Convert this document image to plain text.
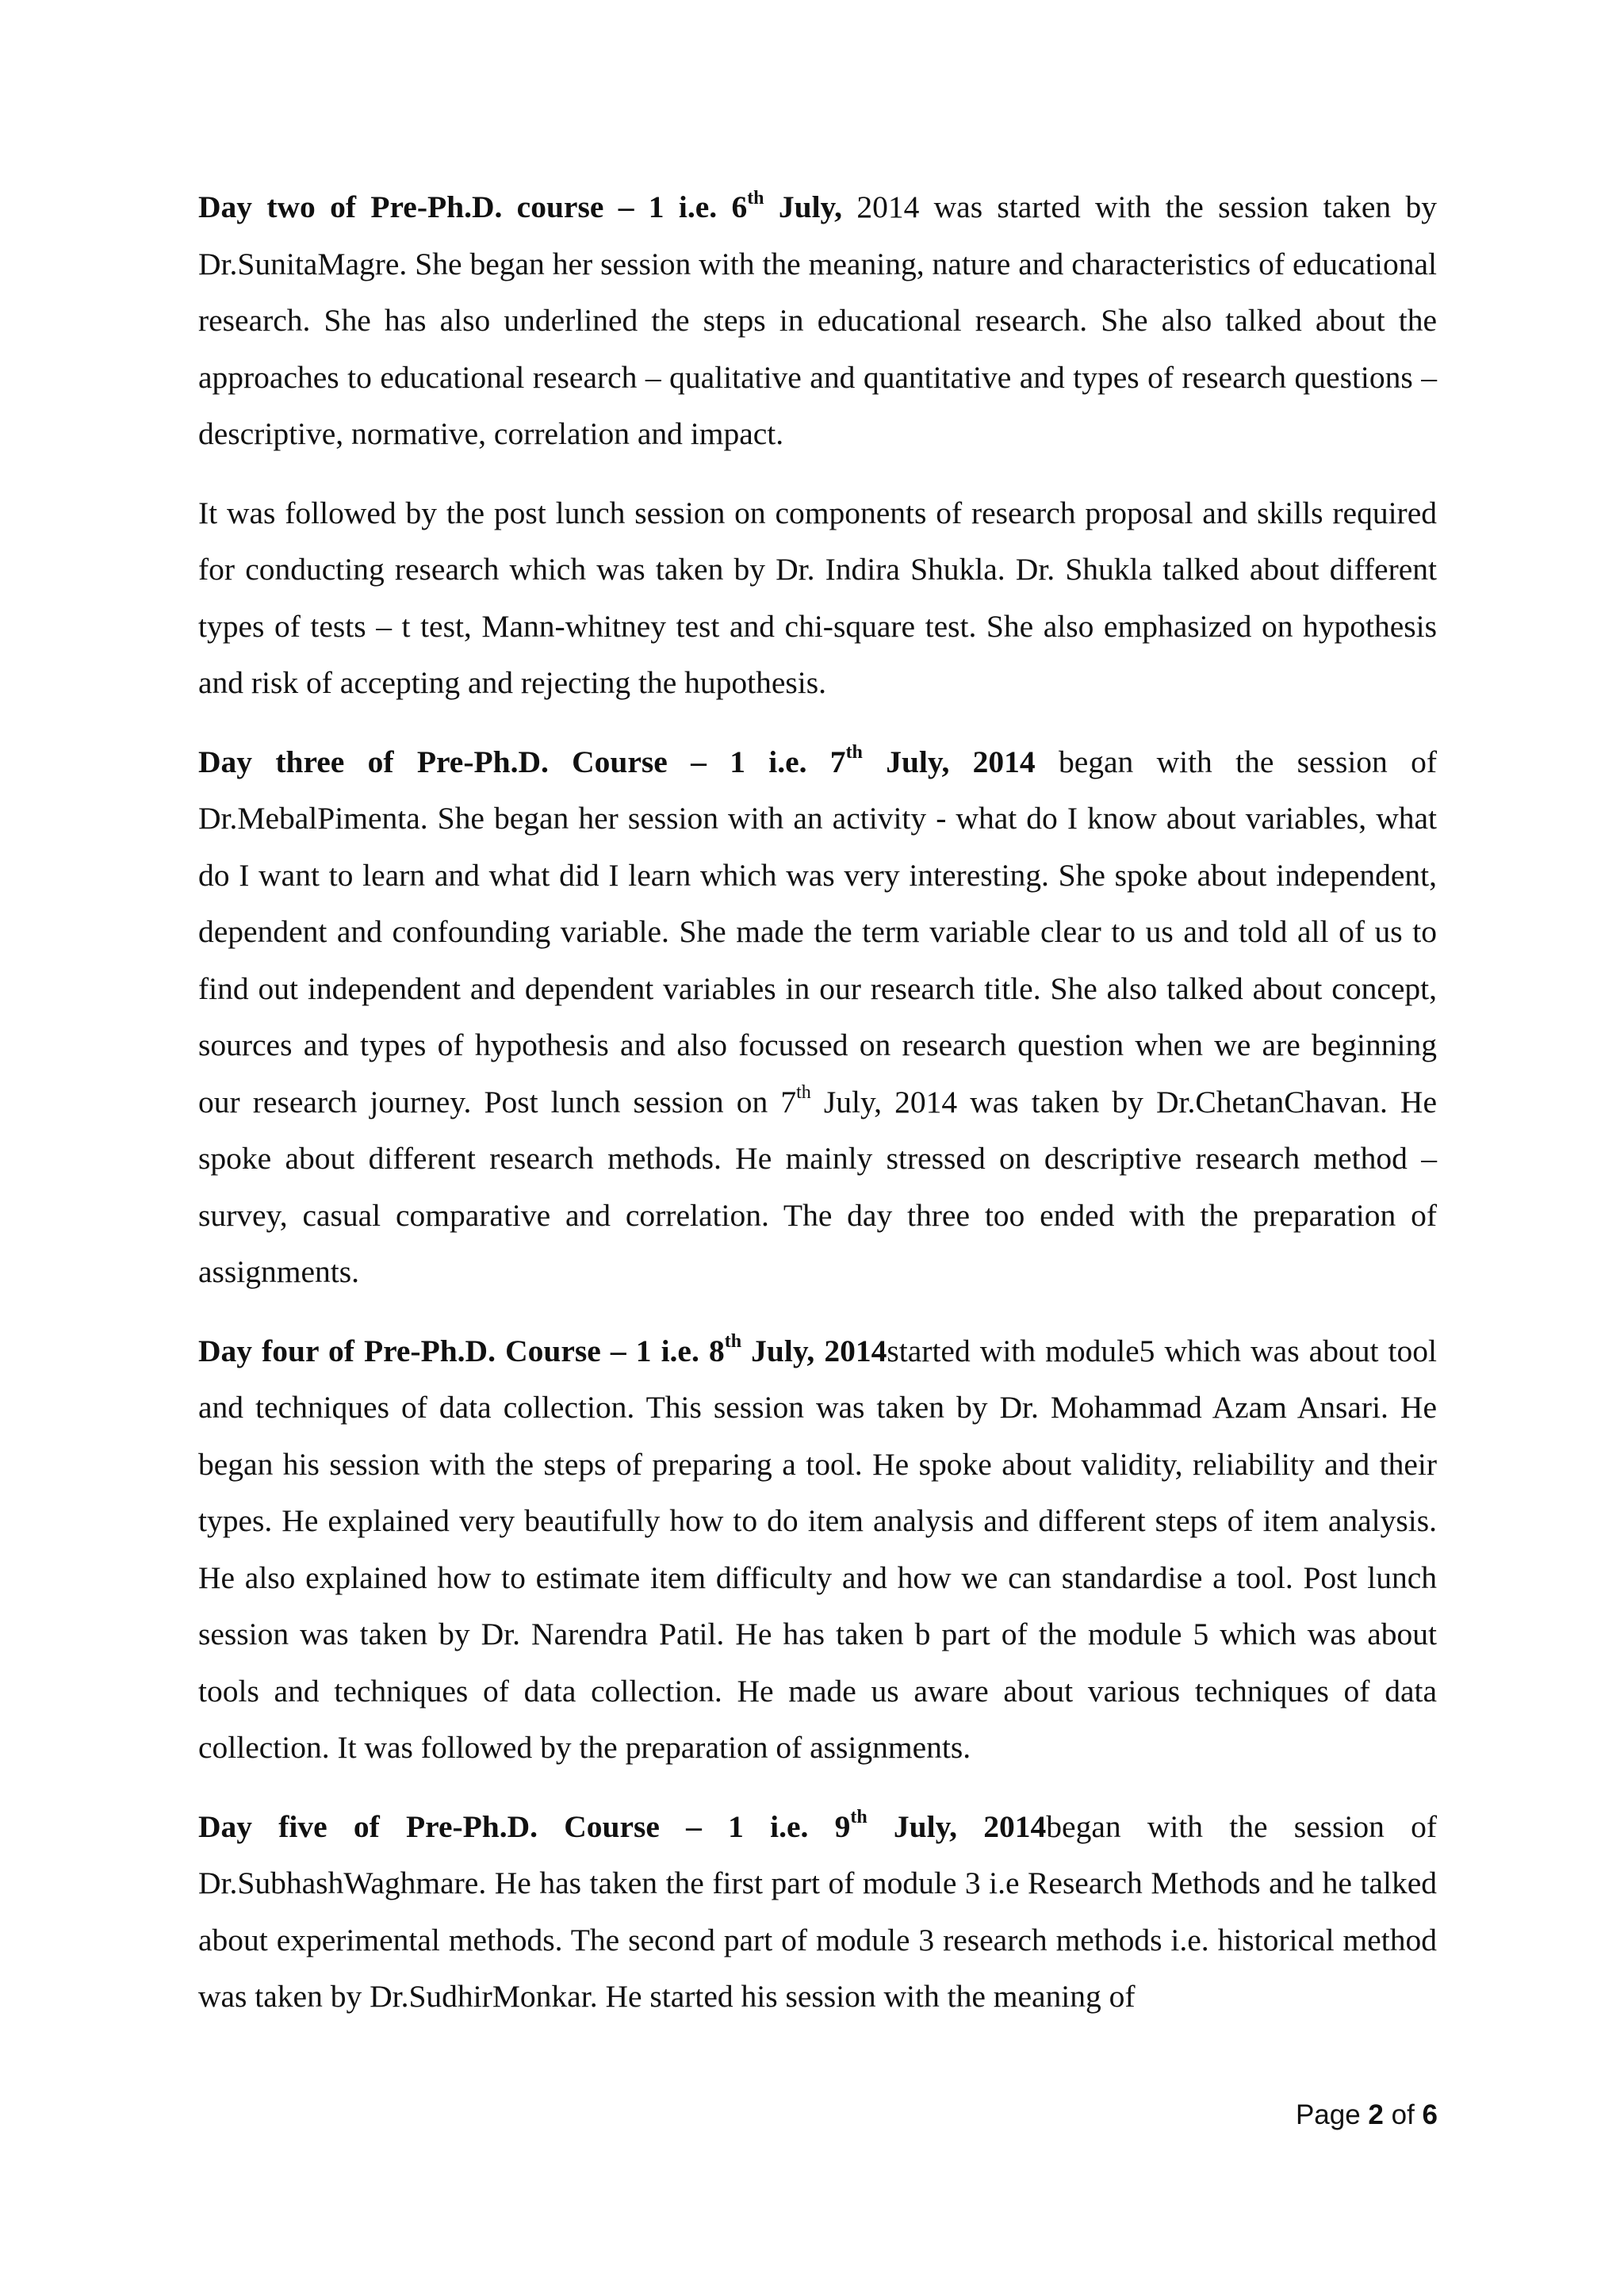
Day two of Pre-Ph.D. course – 1 i.e. 6th July, 2014 was started with the session taken by Dr.SunitaMagre. She began her session with the meaning, nature and characteristics of educational research. She has also underlined the steps in educational research. She also talked about the approaches to educational research – qualitative and quantitative and types of research questions – descriptive, normative, correlation and impact.

It was followed by the post lunch session on components of research proposal and skills required for conducting research which was taken by Dr. Indira Shukla. Dr. Shukla talked about different types of tests – t test, Mann-whitney test and chi-square test. She also emphasized on hypothesis and risk of accepting and rejecting the hupothesis.

Day three of Pre-Ph.D. Course – 1 i.e. 7th July, 2014 began with the session of Dr.MebalPimenta. She began her session with an activity - what do I know about variables, what do I want to learn and what did I learn which was very interesting. She spoke about independent, dependent and confounding variable. She made the term variable clear to us and told all of us to find out independent and dependent variables in our research title. She also talked about concept, sources and types of hypothesis and also focussed on research question when we are beginning our research journey. Post lunch session on 7th July, 2014 was taken by Dr.ChetanChavan. He spoke about different research methods. He mainly stressed on descriptive research method – survey, casual comparative and correlation. The day three too ended with the preparation of assignments.

Day four of Pre-Ph.D. Course – 1 i.e. 8th July, 2014started with module5 which was about tool and techniques of data collection. This session was taken by Dr. Mohammad Azam Ansari. He began his session with the steps of preparing a tool. He spoke about validity, reliability and their types. He explained very beautifully how to do item analysis and different steps of item analysis. He also explained how to estimate item difficulty and how we can standardise a tool. Post lunch session was taken by Dr. Narendra Patil. He has taken b part of the module 5 which was about tools and techniques of data collection. He made us aware about various techniques of data collection. It was followed by the preparation of assignments.

Day five of Pre-Ph.D. Course – 1 i.e. 9th July, 2014began with the session of Dr.SubhashWaghmare. He has taken the first part of module 3 i.e Research Methods and he talked about experimental methods. The second part of module 3 research methods i.e. historical method was taken by Dr.SudhirMonkar. He started his session with the meaning of

Page 2 of 6
